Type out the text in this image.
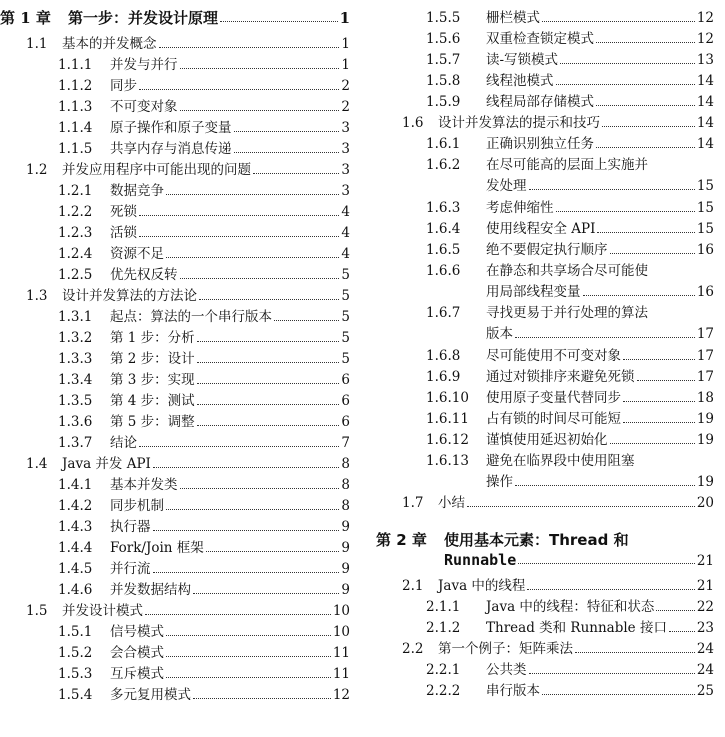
第 1 章	第一步：并发设计原理	1
1.1	基本的并发概念	1
1.1.1	并发与并行	1
1.1.2	同步	2
1.1.3	不可变对象	2
1.1.4	原子操作和原子变量	3
1.1.5	共享内存与消息传递	3
1.2	并发应用程序中可能出现的问题	3
1.2.1	数据竞争	3
1.2.2	死锁	4
1.2.3	活锁	4
1.2.4	资源不足	4
1.2.5	优先权反转	5
1.3	设计并发算法的方法论	5
1.3.1	起点：算法的一个串行版本	5
1.3.2	第 1 步：分析	5
1.3.3	第 2 步：设计	5
1.3.4	第 3 步：实现	6
1.3.5	第 4 步：测试	6
1.3.6	第 5 步：调整	6
1.3.7	结论	7
1.4	Java 并发 API	8
1.4.1	基本并发类	8
1.4.2	同步机制	8
1.4.3	执行器	9
1.4.4	Fork/Join 框架	9
1.4.5	并行流	9
1.4.6	并发数据结构	9
1.5	并发设计模式	10
1.5.1	信号模式	10
1.5.2	会合模式	11
1.5.3	互斥模式	11
1.5.4	多元复用模式	12
1.5.5	栅栏模式	12
1.5.6	双重检查锁定模式	12
1.5.7	读-写锁模式	13
1.5.8	线程池模式	14
1.5.9	线程局部存储模式	14
1.6	设计并发算法的提示和技巧	14
1.6.1	正确识别独立任务	14
1.6.2	在尽可能高的层面上实施并
发处理	15
1.6.3	考虑伸缩性	15
1.6.4	使用线程安全 API	15
1.6.5	绝不要假定执行顺序	16
1.6.6	在静态和共享场合尽可能使
用局部线程变量	16
1.6.7	寻找更易于并行处理的算法
版本	17
1.6.8	尽可能使用不可变对象	17
1.6.9	通过对锁排序来避免死锁	17
1.6.10	使用原子变量代替同步	18
1.6.11	占有锁的时间尽可能短	19
1.6.12	谨慎使用延迟初始化	19
1.6.13	避免在临界段中使用阻塞
操作	19
1.7	小结	20
第 2 章 使用基本元素：Thread 和
Runnable	21
2.1	Java 中的线程	21
2.1.1	Java 中的线程：特征和状态	22
2.1.2	Thread 类和 Runnable 接口 23
2.2	第一个例子：矩阵乘法	24
2.2.1	公共类	24
2.2.2	串行版本	25
